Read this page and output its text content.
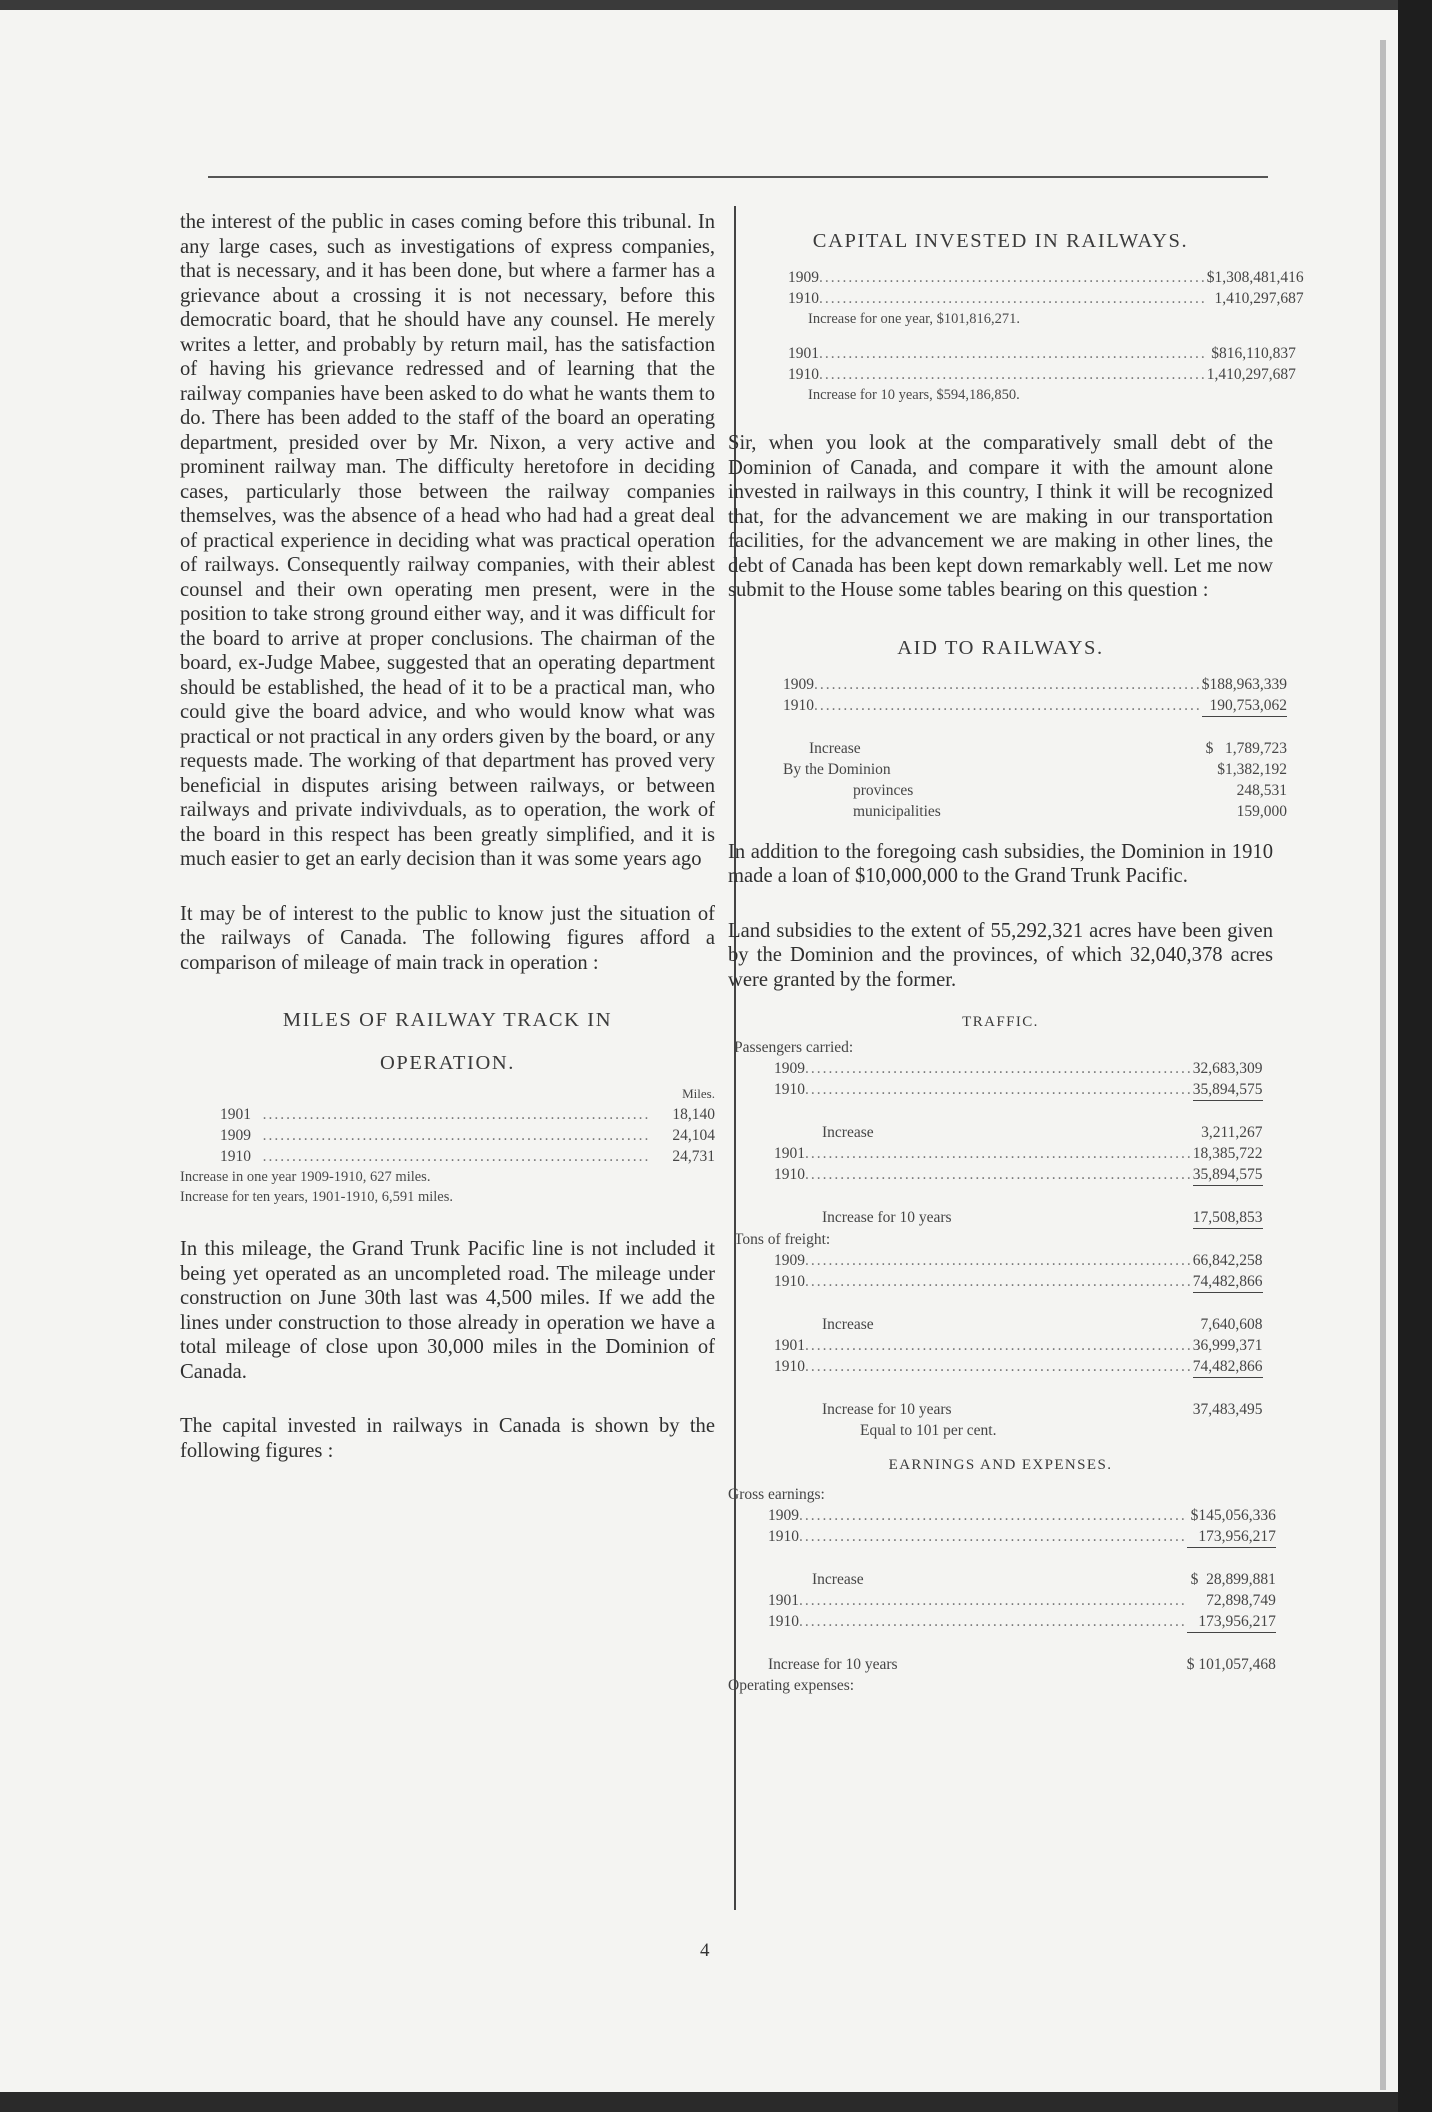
the interest of the public in cases coming before this tribunal. In any large cases, such as investigations of express companies, that is necessary, and it has been done, but where a farmer has a grievance about a crossing it is not necessary, before this democratic board, that he should have any counsel. He merely writes a letter, and probably by return mail, has the satisfaction of having his grievance redressed and of learning that the railway companies have been asked to do what he wants them to do. There has been added to the staff of the board an operating department, presided over by Mr. Nixon, a very active and prominent railway man. The difficulty heretofore in deciding cases, particularly those between the railway companies themselves, was the absence of a head who had had a great deal of practical experience in deciding what was practical operation of railways. Consequently railway companies, with their ablest counsel and their own operating men present, were in the position to take strong ground either way, and it was difficult for the board to arrive at proper conclusions. The chairman of the board, ex-Judge Mabee, suggested that an operating department should be established, the head of it to be a practical man, who could give the board advice, and who would know what was practical or not practical in any orders given by the board, or any requests made. The working of that department has proved very beneficial in disputes arising between railways, or between railways and private indivivduals, as to operation, the work of the board in this respect has been greatly simplified, and it is much easier to get an early decision than it was some years ago

It may be of interest to the public to know just the situation of the railways of Canada. The following figures afford a comparison of mileage of main track in operation :

MILES OF RAILWAY TRACK IN

OPERATION.

		Miles.
1901	..................................................................	18,140
1909	..................................................................	24,104
1910	..................................................................	24,731

Increase in one year 1909-1910, 627 miles.

Increase for ten years, 1901-1910, 6,591 miles.

In this mileage, the Grand Trunk Pacific line is not included it being yet operated as an uncompleted road. The mileage under construction on June 30th last was 4,500 miles. If we add the lines under construction to those already in operation we have a total mileage of close upon 30,000 miles in the Dominion of Canada.

The capital invested in railways in Canada is shown by the following figures :

CAPITAL INVESTED IN RAILWAYS.

1909	..................................................................	$1,308,481,416
1910	..................................................................	1,410,297,687

Increase for one year, $101,816,271.

1901	..................................................................	$816,110,837
1910	..................................................................	1,410,297,687

Increase for 10 years, $594,186,850.

Sir, when you look at the comparatively small debt of the Dominion of Canada, and compare it with the amount alone invested in railways in this country, I think it will be recognized that, for the advancement we are making in our transportation facilities, for the advancement we are making in other lines, the debt of Canada has been kept down remarkably well. Let me now submit to the House some tables bearing on this question :

AID TO RAILWAYS.

1909	..................................................................	$188,963,339
1910	..................................................................	190,753,062

Increase		$   1,789,723
By the Dominion		$1,382,192
provinces		248,531
municipalities		159,000

In addition to the foregoing cash subsidies, the Dominion in 1910 made a loan of $10,000,000 to the Grand Trunk Pacific.

Land subsidies to the extent of 55,292,321 acres have been given by the Dominion and the provinces, of which 32,040,378 acres were granted by the former.

TRAFFIC.

Passengers carried:		
1909	..................................................................	32,683,309
1910	..................................................................	35,894,575

Increase		3,211,267
1901	..................................................................	18,385,722
1910	..................................................................	35,894,575

Increase for 10 years		17,508,853
Tons of freight:		
1909	..................................................................	66,842,258
1910	..................................................................	74,482,866

Increase		7,640,608
1901	..................................................................	36,999,371
1910	..................................................................	74,482,866

Increase for 10 years		37,483,495
Equal to 101 per cent.		

EARNINGS AND EXPENSES.

Gross earnings:		
1909	..................................................................	$145,056,336
1910	..................................................................	173,956,217

Increase		$  28,899,881
1901	..................................................................	72,898,749
1910	..................................................................	173,956,217

Increase for 10 years		$ 101,057,468
Operating expenses:		
4
